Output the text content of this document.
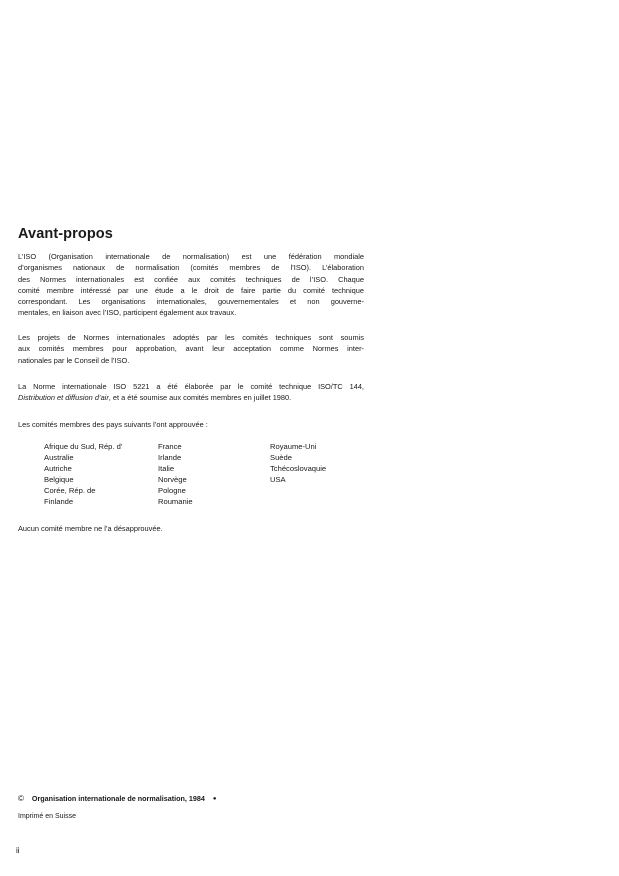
Avant-propos
L’ISO (Organisation internationale de normalisation) est une fédération mondiale
d’organismes nationaux de normalisation (comités membres de l’ISO). L’élaboration
des Normes internationales est confiée aux comités techniques de l’ISO. Chaque
comité membre intéressé par une étude a le droit de faire partie du comité technique
correspondant. Les organisations internationales, gouvernementales et non gouverne-
mentales, en liaison avec l’ISO, participent également aux travaux.
Les projets de Normes internationales adoptés par les comités techniques sont soumis
aux comités membres pour approbation, avant leur acceptation comme Normes inter-
nationales par le Conseil de l’ISO.
La Norme internationale ISO 5221 a été élaborée par le comité technique ISO/TC 144,
Distribution et diffusion d’air, et a été soumise aux comités membres en juillet 1980.
Les comités membres des pays suivants l’ont approuvée :
Afrique du Sud, Rép. d’
Australie
Autriche
Belgique
Corée, Rép. de
Finlande
France
Irlande
Italie
Norvège
Pologne
Roumanie
Royaume-Uni
Suède
Tchécoslovaquie
USA
Aucun comité membre ne l’a désapprouvée.
© Organisation internationale de normalisation, 1984 ●
Imprimé en Suisse
ii
